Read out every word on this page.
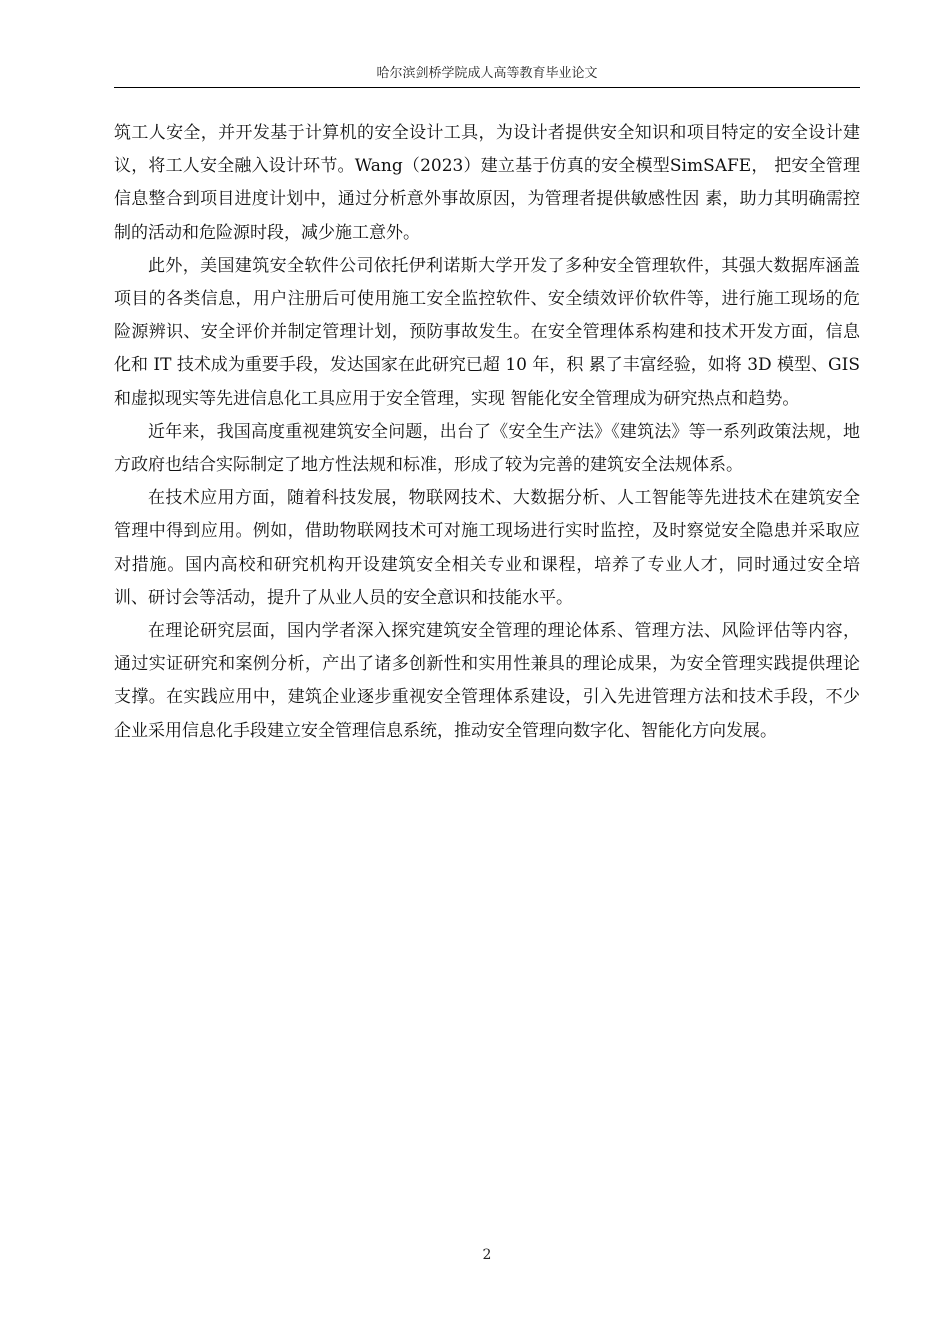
哈尔滨剑桥学院成人高等教育毕业论文

筑工人安全，并开发基于计算机的安全设计工具，为设计者提供安全知识和项目特定的安全设计建议，将工人安全融入设计环节。Wang（2023）建立基于仿真的安全模型SimSAFE， 把安全管理信息整合到项目进度计划中，通过分析意外事故原因，为管理者提供敏感性因 素，助力其明确需控制的活动和危险源时段，减少施工意外。

此外，美国建筑安全软件公司依托伊利诺斯大学开发了多种安全管理软件，其强大数据库涵盖项目的各类信息，用户注册后可使用施工安全监控软件、安全绩效评价软件等，进行施工现场的危险源辨识、安全评价并制定管理计划，预防事故发生。在安全管理体系构建和技术开发方面，信息化和 IT 技术成为重要手段，发达国家在此研究已超 10 年，积 累了丰富经验，如将 3D 模型、GIS 和虚拟现实等先进信息化工具应用于安全管理，实现 智能化安全管理成为研究热点和趋势。

近年来，我国高度重视建筑安全问题，出台了《安全生产法》《建筑法》等一系列政策法规，地方政府也结合实际制定了地方性法规和标准，形成了较为完善的建筑安全法规体系。

在技术应用方面，随着科技发展，物联网技术、大数据分析、人工智能等先进技术在建筑安全管理中得到应用。例如，借助物联网技术可对施工现场进行实时监控，及时察觉安全隐患并采取应对措施。国内高校和研究机构开设建筑安全相关专业和课程，培养了专业人才，同时通过安全培训、研讨会等活动，提升了从业人员的安全意识和技能水平。

在理论研究层面，国内学者深入探究建筑安全管理的理论体系、管理方法、风险评估等内容，通过实证研究和案例分析，产出了诸多创新性和实用性兼具的理论成果，为安全管理实践提供理论支撑。在实践应用中，建筑企业逐步重视安全管理体系建设，引入先进管理方法和技术手段，不少企业采用信息化手段建立安全管理信息系统，推动安全管理向数字化、智能化方向发展。

2
